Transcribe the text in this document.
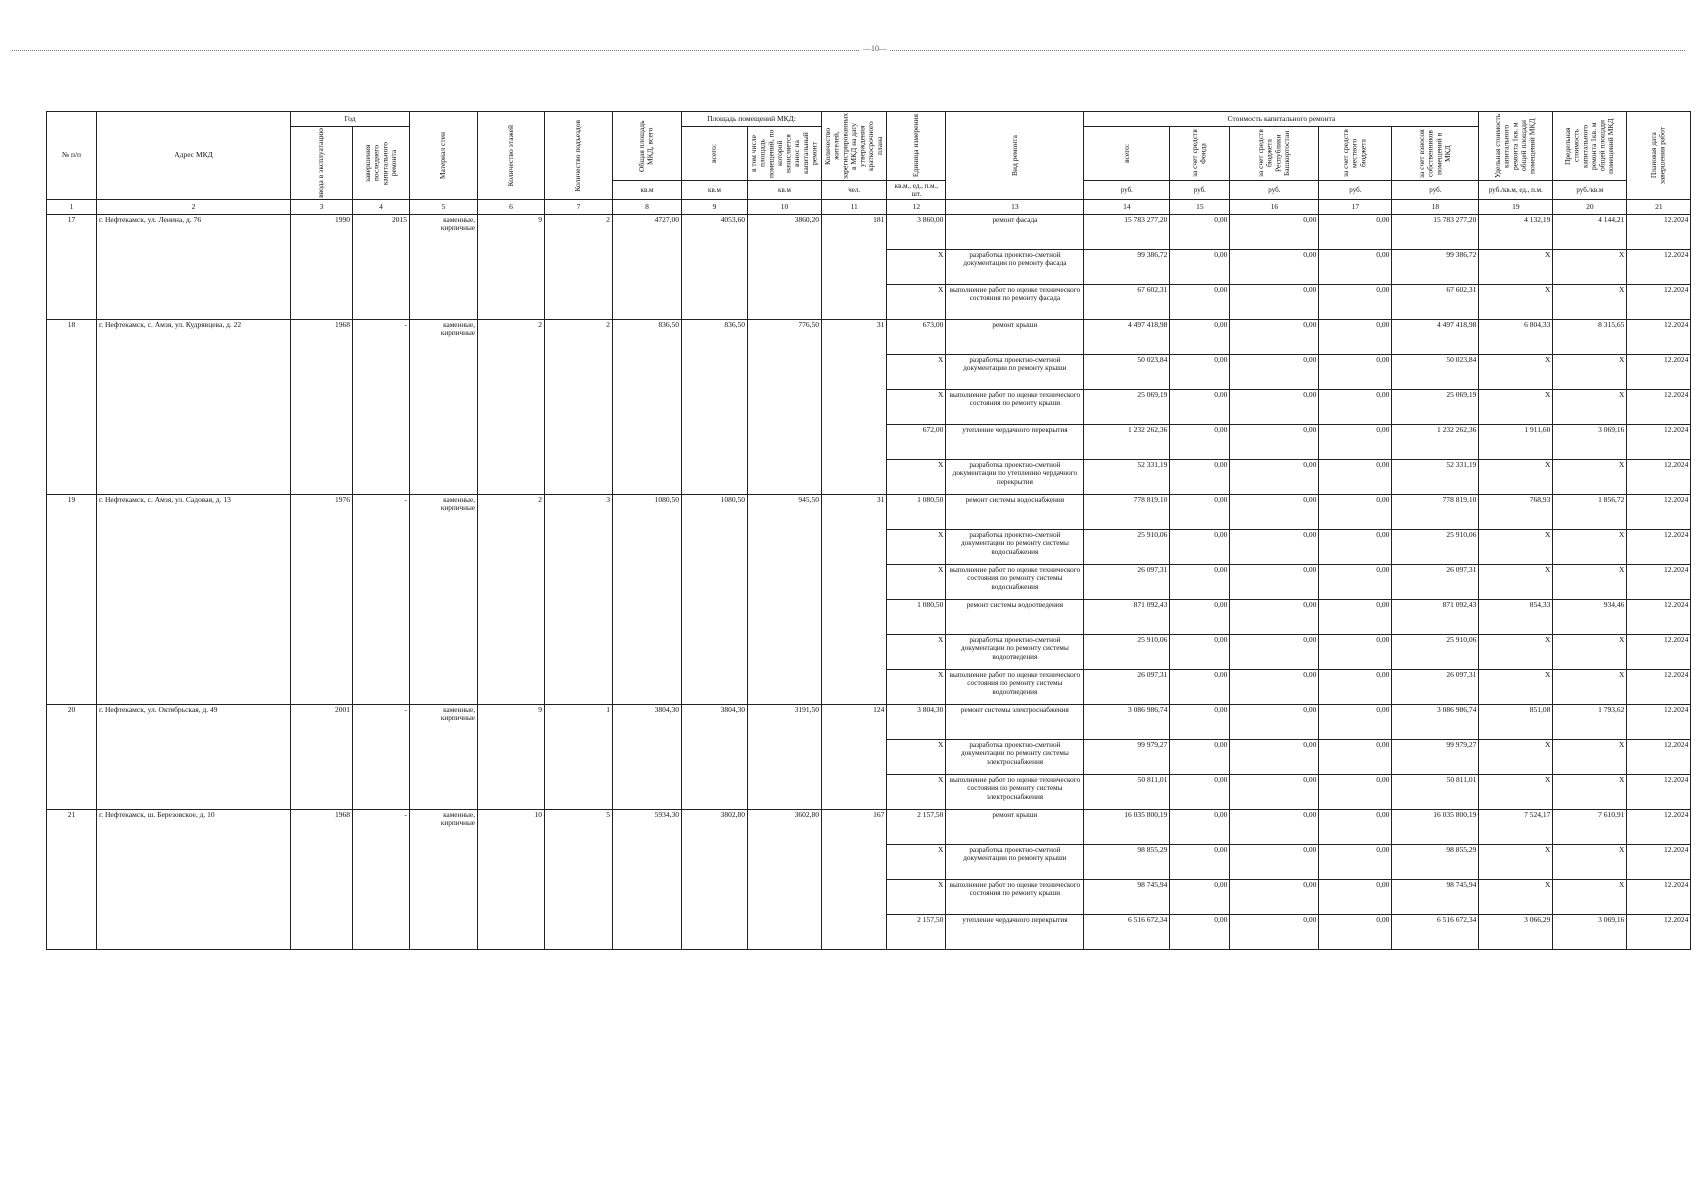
—10—
№ п/п	Адрес МКД	Год		Материал стен	Количество этажей	Количество подъездов	Общая площадь МКД, всего	Площадь помещений МКД:		Количество жителей, зарегистрированных в МКД на дату утверждения краткосрочного плана	Единица измерения	Вид ремонта	Стоимость капитального ремонта					Удельная стоимость капитального ремонта 1кв. м общей площади помещений МКД	Предельная стоимость капитального ремонта 1кв. м общей площади помещений МКД	Плановая дата завершения работ

		ввода в эксплуатацию	завершения последнего капитального ремонта					всего:	в том числе площадь помещений, по которой начисляется взнос на капитальный ремонт				всего:	за счет средств Фонда	за счет средств бюджета Республики Башкортостан	за счет средств местного бюджета	за счет взносов собственников помещений в МКД			

							кв.м	кв.м	кв.м	чел.	кв.м., ед., п.м., шт.		руб.	руб.	руб.	руб.	руб.	руб./кв.м, ед., п.м.	руб./кв.м	
1	2	3	4	5	6	7	8	9	10	11	12	13	14	15	16	17	18	19	20	21
17	г. Нефтекамск, ул. Ленина, д. 76	1990	2015	каменные, кирпичные	9	2	4727,00	4053,60	3860,20	181	3 860,00	ремонт фасада	15 783 277,20	0,00	0,00	0,00	15 783 277,20	4 132,19	4 144,21	12.2024
											X	разработка проектно-сметной документации по ремонту фасада	99 386,72	0,00	0,00	0,00	99 386,72	X	X	12.2024
											X	выполнение работ по оценке технического состояния по ремонту фасада	67 602,31	0,00	0,00	0,00	67 602,31	X	X	12.2024
18	г. Нефтекамск, с. Амзя, ул. Кудрявцева, д. 22	1968	-	каменные, кирпичные	2	2	836,50	836,50	776,50	31	673,00	ремонт крыши	4 497 418,98	0,00	0,00	0,00	4 497 418,98	6 804,33	8 315,65	12.2024
											X	разработка проектно-сметной документации по ремонту крыши	50 023,84	0,00	0,00	0,00	50 023,84	X	X	12.2024
											X	выполнение работ по оценке технического состояния по ремонту крыши	25 069,19	0,00	0,00	0,00	25 069,19	X	X	12.2024
											672,00	утепление чердачного перекрытия	1 232 262,36	0,00	0,00	0,00	1 232 262,36	1 911,60	3 069,16	12.2024
											X	разработка проектно-сметной документации по утеплению чердачного перекрытия	52 331,19	0,00	0,00	0,00	52 331,19	X	X	12.2024
19	г. Нефтекамск, с. Амзя, ул. Садовая, д. 13	1976	-	каменные, кирпичные	2	3	1080,50	1080,50	945,50	31	1 080,50	ремонт системы водоснабжения	778 819,10	0,00	0,00	0,00	778 819,10	768,93	1 856,72	12.2024
											X	разработка проектно-сметной документации по ремонту системы водоснабжения	25 910,06	0,00	0,00	0,00	25 910,06	X	X	12.2024
											X	выполнение работ по оценке технического состояния по ремонту системы водоснабжения	26 097,31	0,00	0,00	0,00	26 097,31	X	X	12.2024
											1 080,50	ремонт системы водоотведения	871 092,43	0,00	0,00	0,00	871 092,43	854,33	934,46	12.2024
											X	разработка проектно-сметной документации по ремонту системы водоотведения	25 910,06	0,00	0,00	0,00	25 910,06	X	X	12.2024
											X	выполнение работ по оценке технического состояния по ремонту системы водоотведения	26 097,31	0,00	0,00	0,00	26 097,31	X	X	12.2024
20	г. Нефтекамск, ул. Октябрьская, д. 49	2001	-	каменные, кирпичные	9	1	3804,30	3804,30	3191,50	124	3 804,30	ремонт системы электроснабжения	3 086 986,74	0,00	0,00	0,00	3 086 986,74	851,08	1 793,62	12.2024
											X	разработка проектно-сметной документации по ремонту системы электроснабжения	99 979,27	0,00	0,00	0,00	99 979,27	X	X	12.2024
											X	выполнение работ по оценке технического состояния по ремонту системы электроснабжения	50 811,01	0,00	0,00	0,00	50 811,01	X	X	12.2024
21	г. Нефтекамск, ш. Березовское, д. 10	1968	-	каменные, кирпичные	10	5	5934,30	3802,80	3602,80	167	2 157,50	ремонт крыши	16 035 800,19	0,00	0,00	0,00	16 035 800,19	7 524,17	7 610,91	12.2024
											X	разработка проектно-сметной документации по ремонту крыши	98 855,29	0,00	0,00	0,00	98 855,29	X	X	12.2024
											X	выполнение работ по оценке технического состояния по ремонту крыши	98 745,94	0,00	0,00	0,00	98 745,94	X	X	12.2024
											2 157,50	утепление чердачного перекрытия	6 516 672,34	0,00	0,00	0,00	6 516 672,34	3 066,29	3 069,16	12.2024
